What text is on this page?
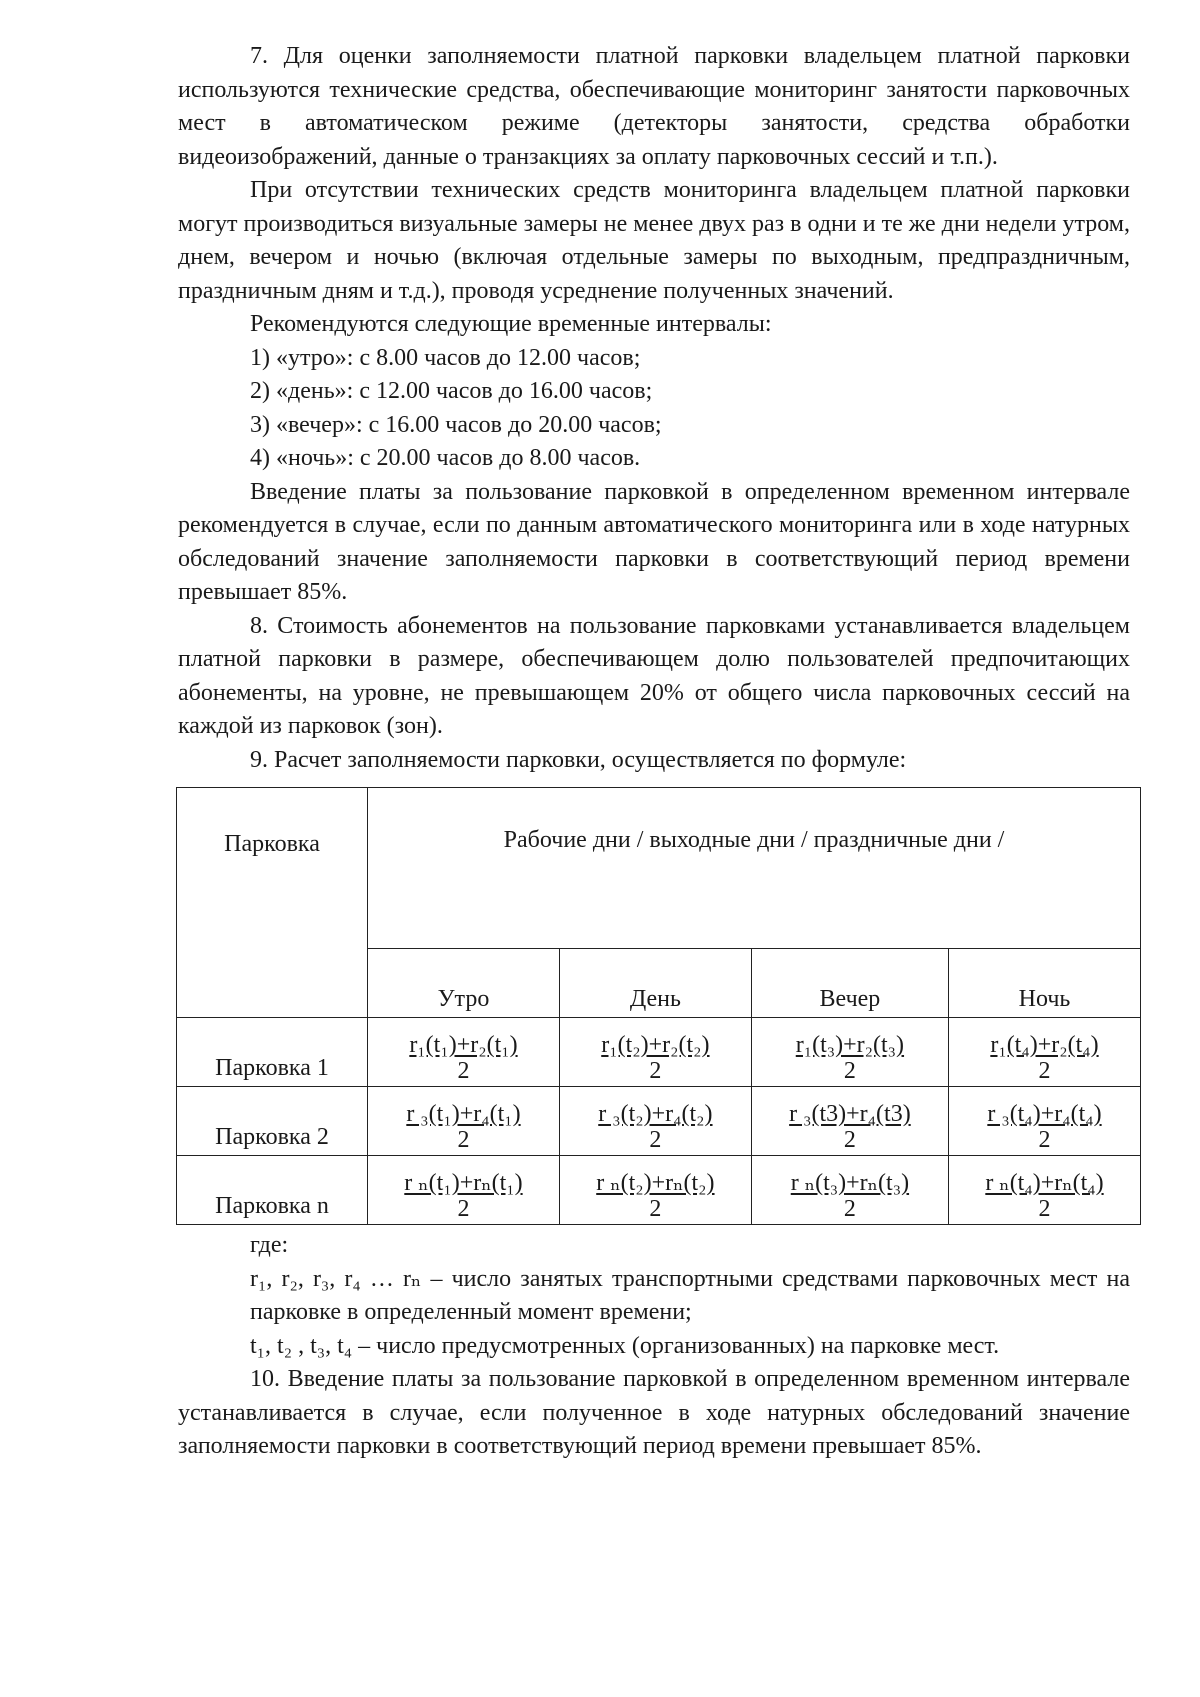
7. Для оценки заполняемости платной парковки владельцем платной парковки используются технические средства, обеспечивающие мониторинг занятости парковочных мест в автоматическом режиме (детекторы занятости, средства обработки видеоизображений, данные о транзакциях за оплату парковочных сессий и т.п.).

При отсутствии технических средств мониторинга владельцем платной парковки могут производиться визуальные замеры не менее двух раз в одни и те же дни недели утром, днем, вечером и ночью (включая отдельные замеры по выходным, предпраздничным, праздничным дням и т.д.), проводя усреднение полученных значений.

Рекомендуются следующие временные интервалы:

1) «утро»: с 8.00 часов до 12.00 часов;

2) «день»: с 12.00 часов до 16.00 часов;

3) «вечер»: с 16.00 часов до 20.00 часов;

4) «ночь»: с 20.00 часов до 8.00 часов.

Введение платы за пользование парковкой в определенном временном интервале рекомендуется в случае, если по данным автоматического мониторинга или в ходе натурных обследований значение заполняемости парковки в соответствующий период времени превышает 85%.

8. Стоимость абонементов на пользование парковками устанавливается владельцем платной парковки в размере, обеспечивающем долю пользователей предпочитающих абонементы, на уровне, не превышающем 20% от общего числа парковочных сессий на каждой из парковок (зон).

9. Расчет заполняемости парковки, осуществляется по формуле:

Парковка	Рабочие дни / выходные дни / праздничные дни /			
	Утро	День	Вечер	Ночь
Парковка 1	$\frac{\text{r₁(t₁)+r₂(t₁)}}{2}$	$\frac{\text{r₁(t₂)+r₂(t₂)}}{2}$	$\frac{\text{r₁(t₃)+r₂(t₃)}}{2}$	$\frac{\text{r₁(t₄)+r₂(t₄)}}{2}$

Парковка 2	$\frac{\text{r ₃(t₁)+r₄(t₁)}}{2}$	$\frac{\text{r ₃(t₂)+r₄(t₂)}}{2}$	$\frac{\text{r ₃(t3)+r₄(t3)}}{2}$	$\frac{\text{r ₃(t₄)+r₄(t₄)}}{2}$

Парковка n	$\frac{\text{r ₙ(t₁)+rₙ(t₁)}}{2}$	$\frac{\text{r ₙ(t₂)+rₙ(t₂)}}{2}$	$\frac{\text{r ₙ(t₃)+rₙ(t₃)}}{2}$	$\frac{\text{r ₙ(t₄)+rₙ(t₄)}}{2}$

где:

r₁, r₂, r₃, r₄ … rₙ – число занятых транспортными средствами парковочных мест на парковке в определенный момент времени;

t₁, t₂ , t₃, t₄ – число предусмотренных (организованных) на парковке мест.

10. Введение платы за пользование парковкой в определенном временном интервале устанавливается в случае, если полученное в ходе натурных обследований значение заполняемости парковки в соответствующий период времени превышает 85%.
